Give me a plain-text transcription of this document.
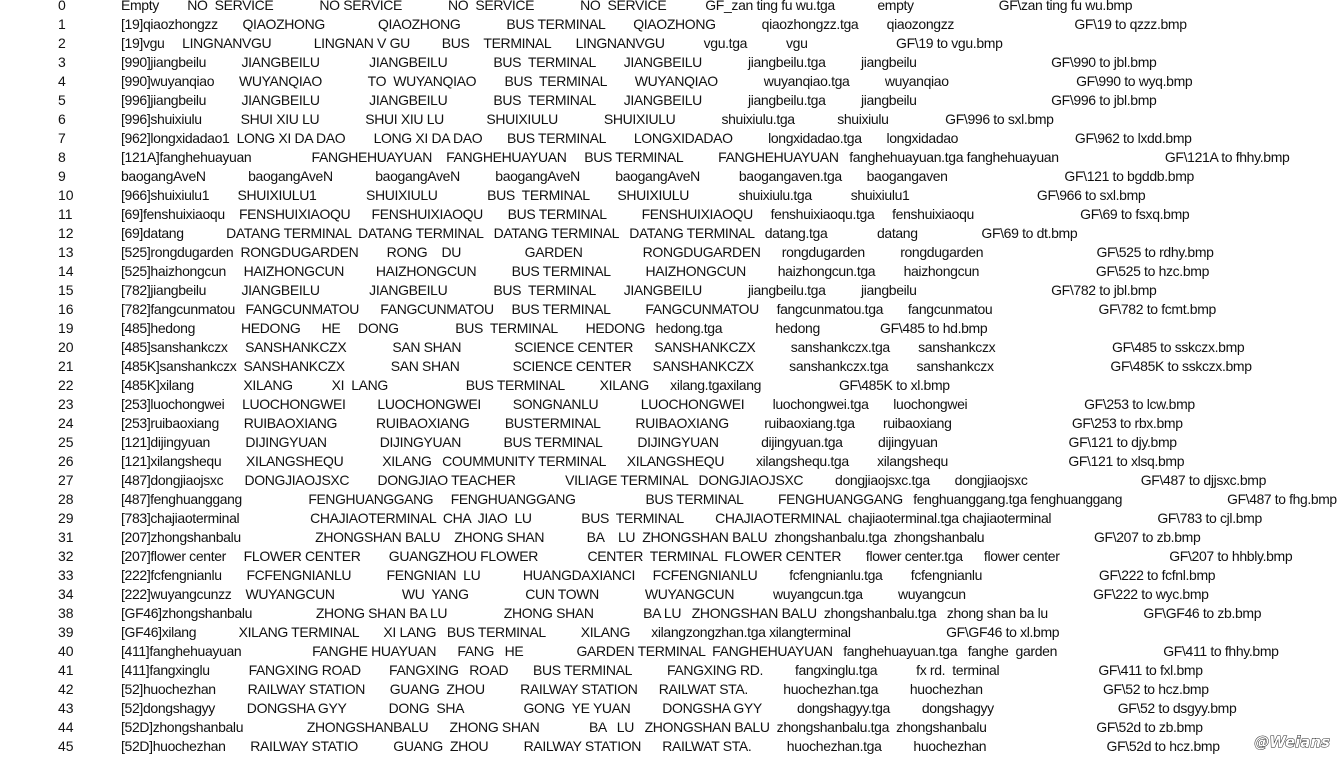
0	Empty        NO  SERVICE             NO SERVICE             NO  SERVICE             NO  SERVICE           GF_zan ting fu wu.tga            empty                        GF\zan ting fu wu.bmp
1	[19]qiaozhongzz       QIAOZHONG               QIAOZHONG             BUS TERMINAL        QIAOZHONG             qiaozhongzz.tga        qiaozongzz                                  GF\19 to qzzz.bmp
2	[19]vgu     LINGNANVGU            LINGNAN V GU         BUS    TERMINAL       LINGNANVGU           vgu.tga           vgu                         GF\19 to vgu.bmp
3	[990]jiangbeilu          JIANGBEILU              JIANGBEILU             BUS  TERMINAL        JIANGBEILU             jiangbeilu.tga          jiangbeilu                                      GF\990 to jbl.bmp
4	[990]wuyanqiao       WUYANQIAO             TO  WUYANQIAO        BUS  TERMINAL        WUYANQIAO             wuyanqiao.tga          wuyanqiao                                    GF\990 to wyq.bmp
5	[996]jiangbeilu          JIANGBEILU              JIANGBEILU             BUS  TERMINAL        JIANGBEILU             jiangbeilu.tga          jiangbeilu                                      GF\996 to jbl.bmp
6	[996]shuixiulu           SHUI XIU LU             SHUI XIU LU            SHUIXIULU             SHUIXIULU             shuixiulu.tga            shuixiulu                GF\996 to sxl.bmp
7	[962]longxidadao1  LONG XI DA DAO        LONG XI DA DAO       BUS TERMINAL        LONGXIDADAO          longxidadao.tga       longxidadao                                 GF\962 to lxdd.bmp
8	[121A]fanghehuayuan                 FANGHEHUAYUAN    FANGHEHUAYUAN     BUS TERMINAL          FANGHEHUAYUAN   fanghehuayuan.tga fanghehuayuan                              GF\121A to fhhy.bmp
9	baogangAveN            baogangAveN            baogangAveN          baogangAveN          baogangAveN           baogangaven.tga       baogangaven                                 GF\121 to bgddb.bmp
10	[966]shuixiulu1        SHUIXIULU1              SHUIXIULU              BUS  TERMINAL        SHUIXIULU              shuixiulu.tga           shuixiulu1                                    GF\966 to sxl.bmp
11	[69]fenshuixiaoqu    FENSHUIXIAOQU      FENSHUIXIAOQU       BUS TERMINAL          FENSHUIXIAOQU     fenshuixiaoqu.tga     fenshuixiaoqu                              GF\69 to fsxq.bmp
12	[69]datang            DATANG TERMINAL  DATANG TERMINAL   DATANG TERMINAL   DATANG TERMINAL   datang.tga              datang                  GF\69 to dt.bmp
13	[525]rongdugarden  RONGDUGARDEN        RONG    DU                  GARDEN                 RONGDUGARDEN      rongdugarden          rongdugarden                                GF\525 to rdhy.bmp
14	[525]haizhongcun     HAIZHONGCUN         HAIZHONGCUN          BUS TERMINAL          HAIZHONGCUN         haizhongcun.tga        haizhongcun                                 GF\525 to hzc.bmp
15	[782]jiangbeilu          JIANGBEILU              JIANGBEILU             BUS  TERMINAL        JIANGBEILU             jiangbeilu.tga          jiangbeilu                                      GF\782 to jbl.bmp
16	[782]fangcunmatou   FANGCUNMATOU      FANGCUNMATOU     BUS TERMINAL          FANGCUNMATOU     fangcunmatou.tga       fangcunmatou                              GF\782 to fcmt.bmp
19	[485]hedong             HEDONG      HE     DONG                BUS  TERMINAL        HEDONG   hedong.tga               hedong                 GF\485 to hd.bmp
20	[485]sanshankczx     SANSHANKCZX             SAN SHAN               SCIENCE CENTER      SANSHANKCZX          sanshankczx.tga        sanshankczx                                 GF\485 to sskczx.bmp
21	[485K]sanshankczx  SANSHANKCZX             SAN SHAN               SCIENCE CENTER      SANSHANKCZX          sanshankczx.tga        sanshankczx                                 GF\485K to sskczx.bmp
22	[485K]xilang              XILANG           XI  LANG                      BUS TERMINAL          XILANG      xilang.tgaxilang                      GF\485K to xl.bmp
23	[253]luochongwei     LUOCHONGWEI         LUOCHONGWEI         SONGNANLU            LUOCHONGWEI        luochongwei.tga       luochongwei                                 GF\253 to lcw.bmp
24	[253]ruibaoxiang       RUIBAOXIANG           RUIBAOXIANG          BUSTERMINAL          RUIBAOXIANG          ruibaoxiang.tga        ruibaoxiang                                  GF\253 to rbx.bmp
25	[121]dijingyuan          DIJINGYUAN               DIJINGYUAN            BUS TERMINAL          DIJINGYUAN            dijingyuan.tga          dijingyuan                                     GF\121 to djy.bmp
26	[121]xilangshequ       XILANGSHEQU           XILANG   COUMMUNITY TERMINAL      XILANGSHEQU         xilangshequ.tga        xilangshequ                                  GF\121 to xlsq.bmp
27	[487]dongjiaojsxc      DONGJIAOJSXC        DONGJIAO TEACHER              VILIAGE TERMINAL   DONGJIAOJSXC         dongjiaojsxc.tga       dongjiaojsxc                                GF\487 to djjsxc.bmp
28	[487]fenghuanggang                   FENGHUANGGANG     FENGHUANGGANG                    BUS TERMINAL          FENGHUANGGANG   fenghuanggang.tga fenghuanggang                              GF\487 to fhg.bmp
29	[783]chajiaoterminal                    CHAJIAOTERMINAL  CHA  JIAO  LU              BUS  TERMINAL         CHAJIAOTERMINAL  chajiaoterminal.tga chajiaoterminal                              GF\783 to cjl.bmp
31	[207]zhongshanbalu                     ZHONGSHAN BALU    ZHONG SHAN            BA    LU  ZHONGSHAN BALU  zhongshanbalu.tga  zhongshanbalu                               GF\207 to zb.bmp
32	[207]flower center     FLOWER CENTER        GUANGZHOU FLOWER              CENTER  TERMINAL  FLOWER CENTER       flower center.tga      flower center                               GF\207 to hhbly.bmp
33	[222]fcfengnianlu       FCFENGNIANLU          FENGNIAN  LU            HUANGDAXIANCI     FCFENGNIANLU         fcfengnianlu.tga        fcfengnianlu                                 GF\222 to fcfnl.bmp
34	[222]wuyangcunzz    WUYANGCUN                   WU  YANG                CUN TOWN             WUYANGCUN           wuyangcun.tga          wuyangcun                                    GF\222 to wyc.bmp
38	[GF46]zhongshanbalu                  ZHONG SHAN BA LU                ZHONG SHAN              BA LU   ZHONGSHAN BALU  zhongshanbalu.tga   zhong shan ba lu                           GF\GF46 to zb.bmp
39	[GF46]xilang            XILANG TERMINAL       XI LANG   BUS TERMINAL          XILANG      xilangzongzhan.tga xilangterminal                           GF\GF46 to xl.bmp
40	[411]fanghehuayuan                    FANGHE HUAYUAN      FANG   HE               GARDEN TERMINAL  FANGHEHUAYUAN   fanghehuayuan.tga   fanghe  garden                              GF\411 to fhhy.bmp
41	[411]fangxinglu           FANGXING ROAD        FANGXING   ROAD       BUS TERMINAL          FANGXING RD.         fangxinglu.tga           fx rd.  terminal                            GF\411 to fxl.bmp
42	[52]huochezhan         RAILWAY STATION       GUANG  ZHOU          RAILWAY STATION      RAILWAT STA.          huochezhan.tga         huochezhan                                  GF\52 to hcz.bmp
43	[52]dongshagyy         DONGSHA GYY            DONG  SHA                 GONG  YE YUAN         DONGSHA GYY          dongshagyy.tga         dongshagyy                                   GF\52 to dsgyy.bmp
44	[52D]zhongshanbalu                  ZHONGSHANBALU      ZHONG SHAN              BA   LU   ZHONGSHAN BALU  zhongshanbalu.tga  zhongshanbalu                               GF\52d to zb.bmp
45	[52D]huochezhan       RAILWAY STATIO          GUANG  ZHOU          RAILWAY STATION      RAILWAT STA.          huochezhan.tga         huochezhan                                  GF\52d to hcz.bmp @Weians
